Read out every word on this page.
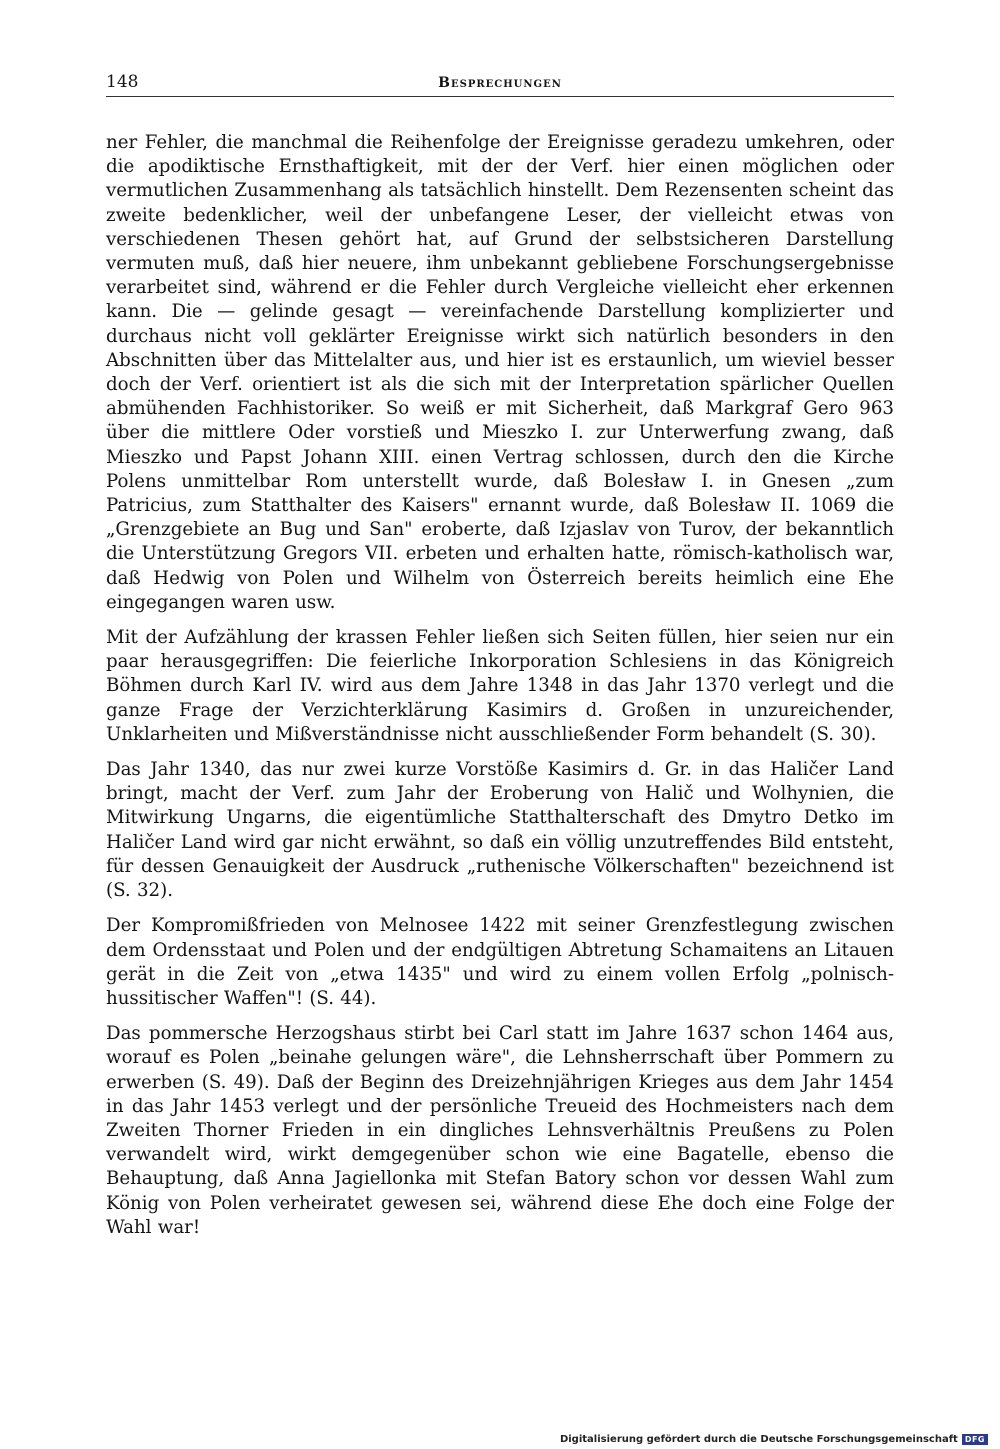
148	Besprechungen

ner Fehler, die manchmal die Reihenfolge der Ereignisse geradezu umkehren, oder die apodiktische Ernsthaftigkeit, mit der der Verf. hier einen möglichen oder vermutlichen Zusammenhang als tatsächlich hinstellt. Dem Rezensenten scheint das zweite bedenklicher, weil der unbefangene Leser, der vielleicht etwas von verschiedenen Thesen gehört hat, auf Grund der selbstsicheren Darstellung vermuten muß, daß hier neuere, ihm unbekannt gebliebene Forschungsergebnisse verarbeitet sind, während er die Fehler durch Vergleiche vielleicht eher erkennen kann. Die — gelinde gesagt — vereinfachende Darstellung komplizierter und durchaus nicht voll geklärter Ereignisse wirkt sich natürlich besonders in den Abschnitten über das Mittelalter aus, und hier ist es erstaunlich, um wieviel besser doch der Verf. orientiert ist als die sich mit der Interpretation spärlicher Quellen abmühenden Fachhistoriker. So weiß er mit Sicherheit, daß Markgraf Gero 963 über die mittlere Oder vorstieß und Mieszko I. zur Unterwerfung zwang, daß Mieszko und Papst Johann XIII. einen Vertrag schlossen, durch den die Kirche Polens unmittelbar Rom unterstellt wurde, daß Bolesław I. in Gnesen „zum Patricius, zum Statthalter des Kaisers" ernannt wurde, daß Bolesław II. 1069 die „Grenzgebiete an Bug und San" eroberte, daß Izjaslav von Turov, der bekanntlich die Unterstützung Gregors VII. erbeten und erhalten hatte, römisch-katholisch war, daß Hedwig von Polen und Wilhelm von Österreich bereits heimlich eine Ehe eingegangen waren usw.

Mit der Aufzählung der krassen Fehler ließen sich Seiten füllen, hier seien nur ein paar herausgegriffen: Die feierliche Inkorporation Schlesiens in das Königreich Böhmen durch Karl IV. wird aus dem Jahre 1348 in das Jahr 1370 verlegt und die ganze Frage der Verzichterklärung Kasimirs d. Großen in unzureichender, Unklarheiten und Mißverständnisse nicht ausschließender Form behandelt (S. 30).

Das Jahr 1340, das nur zwei kurze Vorstöße Kasimirs d. Gr. in das Haličer Land bringt, macht der Verf. zum Jahr der Eroberung von Halič und Wolhynien, die Mitwirkung Ungarns, die eigentümliche Statthalterschaft des Dmytro Detko im Haličer Land wird gar nicht erwähnt, so daß ein völlig unzutreffendes Bild entsteht, für dessen Genauigkeit der Ausdruck „ruthenische Völkerschaften" bezeichnend ist (S. 32).

Der Kompromißfrieden von Melnosee 1422 mit seiner Grenzfestlegung zwischen dem Ordensstaat und Polen und der endgültigen Abtretung Schamaitens an Litauen gerät in die Zeit von „etwa 1435" und wird zu einem vollen Erfolg „polnisch-hussitischer Waffen"! (S. 44).

Das pommersche Herzogshaus stirbt bei Carl statt im Jahre 1637 schon 1464 aus, worauf es Polen „beinahe gelungen wäre", die Lehnsherrschaft über Pommern zu erwerben (S. 49). Daß der Beginn des Dreizehnjährigen Krieges aus dem Jahr 1454 in das Jahr 1453 verlegt und der persönliche Treueid des Hochmeisters nach dem Zweiten Thorner Frieden in ein dingliches Lehnsverhältnis Preußens zu Polen verwandelt wird, wirkt demgegenüber schon wie eine Bagatelle, ebenso die Behauptung, daß Anna Jagiellonka mit Stefan Batory schon vor dessen Wahl zum König von Polen verheiratet gewesen sei, während diese Ehe doch eine Folge der Wahl war!

Digitalisierung gefördert durch die Deutsche Forschungsgemeinschaft DFG
